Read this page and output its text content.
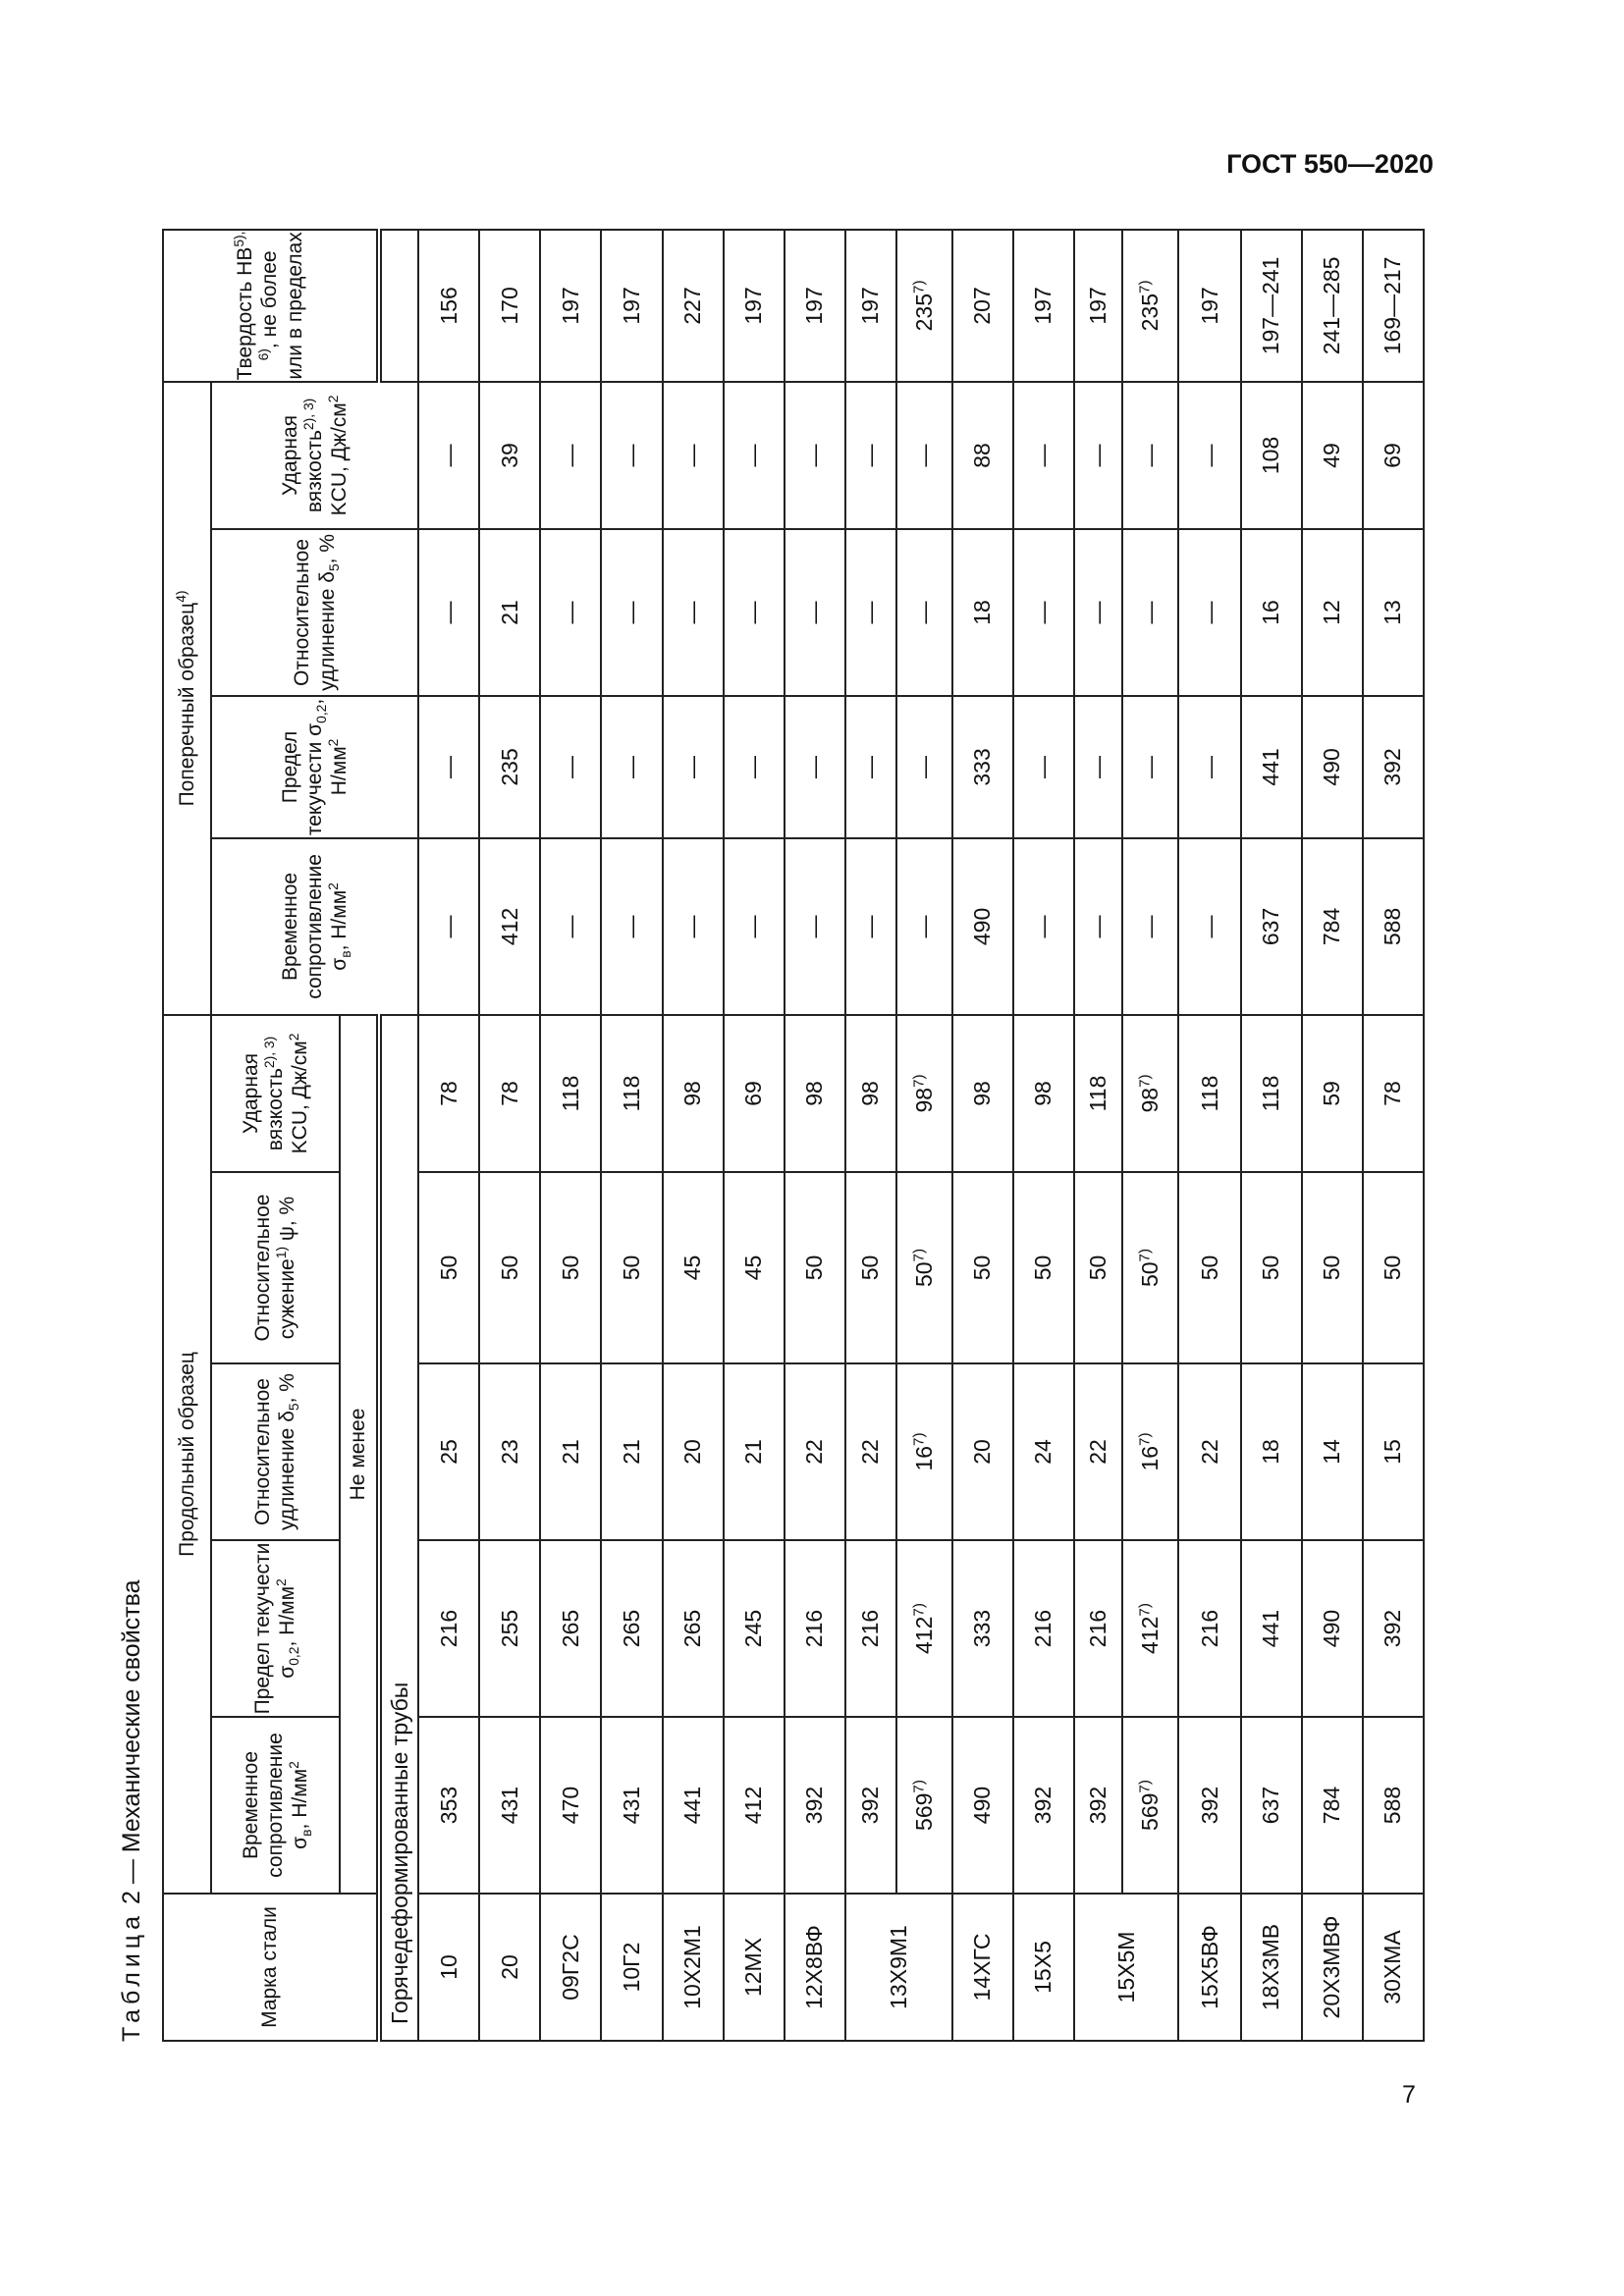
ГОСТ 550—2020
Таблица 2 — Механические свойства
Марка стали	Продольный образец					Поперечный образец$^{4)}$				Твердость $НВ^{5), 6)}$, не более или в пределах
	Временное сопротивление $\sigma_в$, $Н/мм^2$	Предел текучести $\sigma_{0,2}$, $Н/мм^2$	Относительное удлинение $\delta_5$, %	Относительное сужение$^{1)}$ ψ, %	Ударная вязкость$^{2), 3)}$ KCU, $Дж/см^2$	Временное сопротивление $\sigma_в$, $Н/мм^2$	Предел текучести $\sigma_{0,2}$, $Н/мм^2$	Относительное удлинение $\delta_5$, %	Ударная вязкость$^{2), 3)}$ KCU, $Дж/см^2$
	Не менее									
Горячедеформированные трубы										
10	353	216	25	50	78	—	—	—	—	156
20	431	255	23	50	78	412	235	21	39	170
09Г2С	470	265	21	50	118	—	—	—	—	197
10Г2	431	265	21	50	118	—	—	—	—	197
10Х2М1	441	265	20	45	98	—	—	—	—	227
12МХ	412	245	21	45	69	—	—	—	—	197
12Х8ВФ	392	216	22	50	98	—	—	—	—	197
13Х9М1	392	216	22	50	98	—	—	—	—	197
	569$^{7)}$	412$^{7)}$	16$^{7)}$	50$^{7)}$	98$^{7)}$	—	—	—	—	235$^{7)}$
14ХГС	490	333	20	50	98	490	333	18	88	207
15Х5	392	216	24	50	98	—	—	—	—	197
15Х5М	392	216	22	50	118	—	—	—	—	197
	569$^{7)}$	412$^{7)}$	16$^{7)}$	50$^{7)}$	98$^{7)}$	—	—	—	—	235$^{7)}$
15Х5ВФ	392	216	22	50	118	—	—	—	—	197
18Х3МВ	637	441	18	50	118	637	441	16	108	197—241
20Х3МВФ	784	490	14	50	59	784	490	12	49	241—285
30ХМА	588	392	15	50	78	588	392	13	69	169—217
7
